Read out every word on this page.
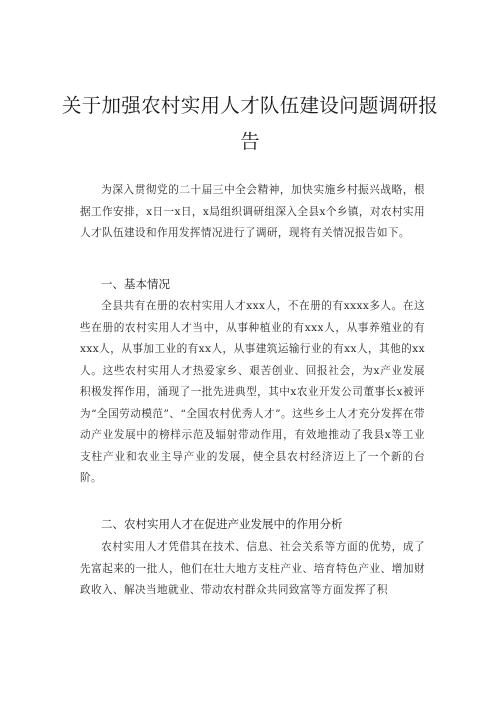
关于加强农村实用人才队伍建设问题调研报告

为深入贯彻党的二十届三中全会精神，加快实施乡村振兴战略，根据工作安排，x日一x日，x局组织调研组深入全县x个乡镇，对农村实用人才队伍建设和作用发挥情况进行了调研，现将有关情况报告如下。

一、基本情况

全县共有在册的农村实用人才xxx人，不在册的有xxxx多人。在这些在册的农村实用人才当中，从事种植业的有xxx人，从事养殖业的有xxx人，从事加工业的有xx人，从事建筑运输行业的有xx人，其他的xx人。这些农村实用人才热爱家乡、艰苦创业、回报社会，为x产业发展积极发挥作用，涌现了一批先进典型，其中x农业开发公司董事长x被评为“全国劳动模范”、“全国农村优秀人才”。这些乡土人才充分发挥在带动产业发展中的榜样示范及辐射带动作用，有效地推动了我县x等工业支柱产业和农业主导产业的发展，使全县农村经济迈上了一个新的台阶。

二、农村实用人才在促进产业发展中的作用分析

农村实用人才凭借其在技术、信息、社会关系等方面的优势，成了先富起来的一批人，他们在壮大地方支柱产业、培育特色产业、增加财政收入、解决当地就业、带动农村群众共同致富等方面发挥了积
